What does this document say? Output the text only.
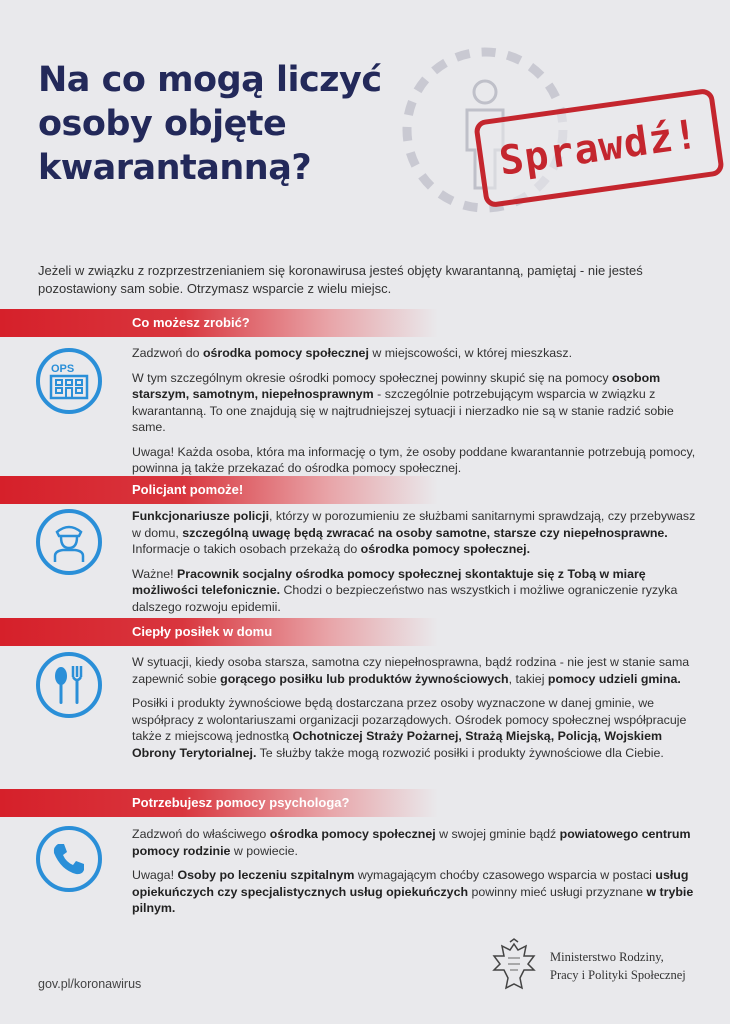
Na co mogą liczyć
osoby objęte
kwarantanną?	Sprawdź!

Jeżeli w związku z rozprzestrzenianiem się koronawirusa jesteś objęty kwarantanną, pamiętaj - nie jesteś pozostawiony sam sobie. Otrzymasz wsparcie z wielu miejsc.

Co możesz zrobić?
OPS

Zadzwoń do ośrodka pomocy społecznej w miejscowości, w której mieszkasz.

W tym szczególnym okresie ośrodki pomocy społecznej powinny skupić się na pomocy osobom starszym, samotnym, niepełnosprawnym - szczególnie potrzebującym wsparcia w związku z kwarantanną. To one znajdują się w najtrudniejszej sytuacji i nierzadko nie są w stanie radzić sobie same.

Uwaga! Każda osoba, która ma informację o tym, że osoby poddane kwarantannie potrzebują pomocy, powinna ją także przekazać do ośrodka pomocy społecznej.

Policjant pomoże!

Funkcjonariusze policji, którzy w porozumieniu ze służbami sanitarnymi sprawdzają, czy przebywasz w domu, szczególną uwagę będą zwracać na osoby samotne, starsze czy niepełnosprawne. Informacje o takich osobach przekażą do ośrodka pomocy społecznej.

Ważne! Pracownik socjalny ośrodka pomocy społecznej skontaktuje się z Tobą w miarę możliwości telefonicznie. Chodzi o bezpieczeństwo nas wszystkich i możliwe ograniczenie ryzyka dalszego rozwoju epidemii.

Ciepły posiłek w domu

W sytuacji, kiedy osoba starsza, samotna czy niepełnosprawna, bądź rodzina - nie jest w stanie sama zapewnić sobie gorącego posiłku lub produktów żywnościowych, takiej pomocy udzieli gmina.

Posiłki i produkty żywnościowe będą dostarczana przez osoby wyznaczone w danej gminie, we współpracy z wolontariuszami organizacji pozarządowych. Ośrodek pomocy społecznej współpracuje także z miejscową jednostką Ochotniczej Straży Pożarnej, Strażą Miejską, Policją, Wojskiem Obrony Terytorialnej. Te służby także mogą rozwozić posiłki i produkty żywnościowe dla Ciebie.

Potrzebujesz pomocy psychologa?

Zadzwoń do właściwego ośrodka pomocy społecznej w swojej gminie bądź powiatowego centrum pomocy rodzinie w powiecie.

Uwaga! Osoby po leczeniu szpitalnym wymagającym choćby czasowego wsparcia w postaci usług opiekuńczych czy specjalistycznych usług opiekuńczych powinny mieć usługi przyznane w trybie pilnym.

gov.pl/koronawirus
Ministerstwo Rodziny,
Pracy i Polityki Społecznej
